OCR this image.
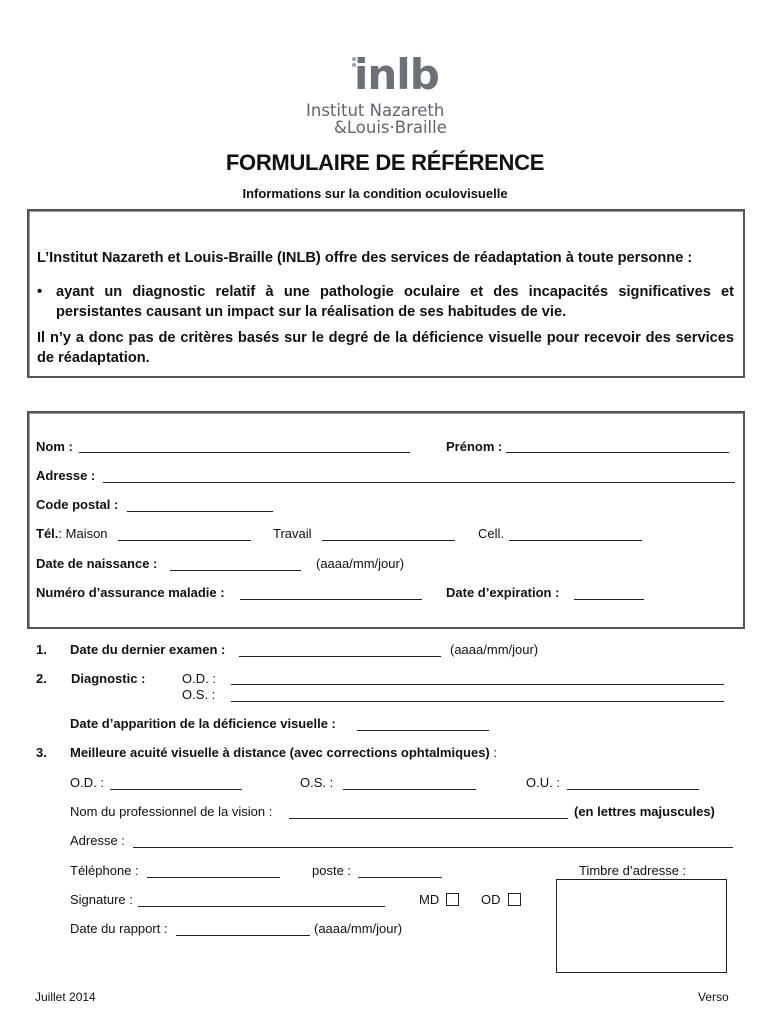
inlb
Institut Nazareth
&Louis·Braille
FORMULAIRE DE RÉFÉRENCE
Informations sur la condition oculovisuelle

L’Institut Nazareth et Louis-Braille (INLB) offre des services de réadaptation à toute personne :

• ayant un diagnostic relatif à une pathologie oculaire et des incapacités significatives et persistantes causant un impact sur la réalisation de ses habitudes de vie.

Il n’y a donc pas de critères basés sur le degré de la déficience visuelle pour recevoir des services de réadaptation.

Nom :	Prénom :
Adresse :
Code postal :
Tél.: Maison	Travail	Cell.
Date de naissance :	(aaaa/mm/jour)
Numéro d’assurance maladie :	Date d’expiration :
1. Date du dernier examen :	(aaaa/mm/jour)
2. Diagnostic :	O.D. :
O.S. :
Date d’apparition de la déficience visuelle :
3. Meilleure acuité visuelle à distance (avec corrections ophtalmiques) :
O.D. :	O.S. :	O.U. :
Nom du professionnel de la vision :	(en lettres majuscules)
Adresse :
Téléphone :	poste :	Timbre d’adresse :
Signature :	MD	OD
Date du rapport :	(aaaa/mm/jour)
Juillet 2014	Verso
